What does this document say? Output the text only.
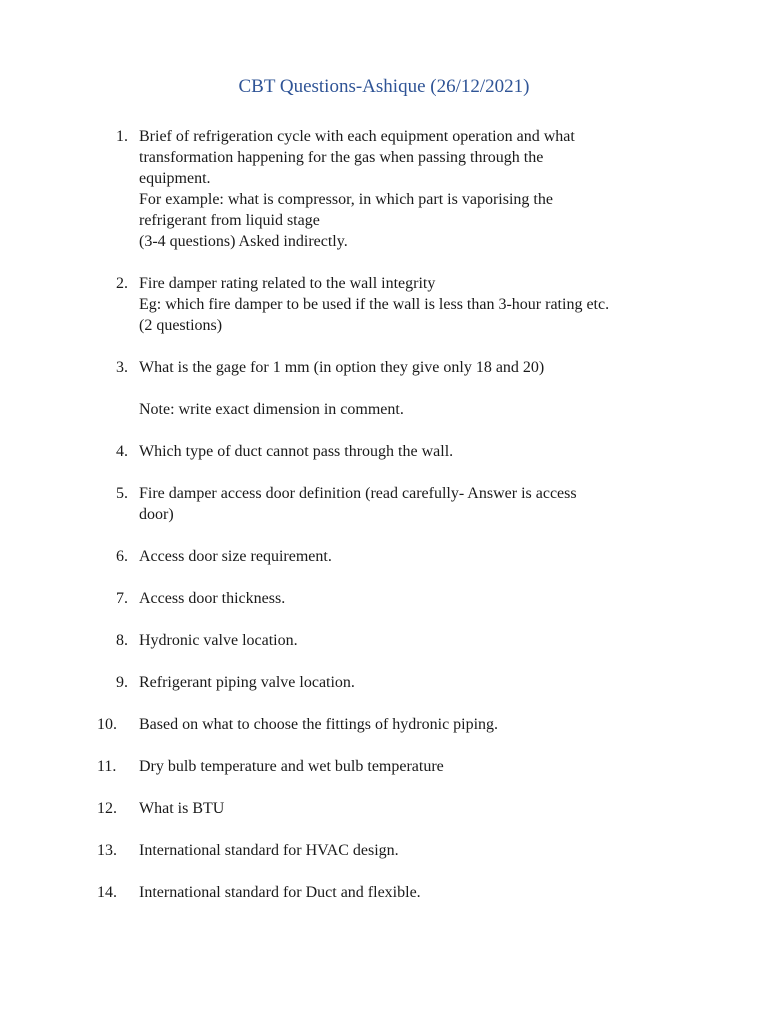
CBT Questions-Ashique (26/12/2021)
1. Brief of refrigeration cycle with each equipment operation and what
transformation happening for the gas when passing through the
equipment.
For example: what is compressor, in which part is vaporising the
refrigerant from liquid stage
(3-4 questions) Asked indirectly.
2. Fire damper rating related to the wall integrity
Eg: which fire damper to be used if the wall is less than 3-hour rating etc.
(2 questions)
3. What is the gage for 1 mm (in option they give only 18 and 20)
Note: write exact dimension in comment.
4. Which type of duct cannot pass through the wall.
5. Fire damper access door definition (read carefully- Answer is access
door)
6. Access door size requirement.
7. Access door thickness.
8. Hydronic valve location.
9. Refrigerant piping valve location.
10. Based on what to choose the fittings of hydronic piping.
11. Dry bulb temperature and wet bulb temperature
12. What is BTU
13. International standard for HVAC design.
14. International standard for Duct and flexible.
